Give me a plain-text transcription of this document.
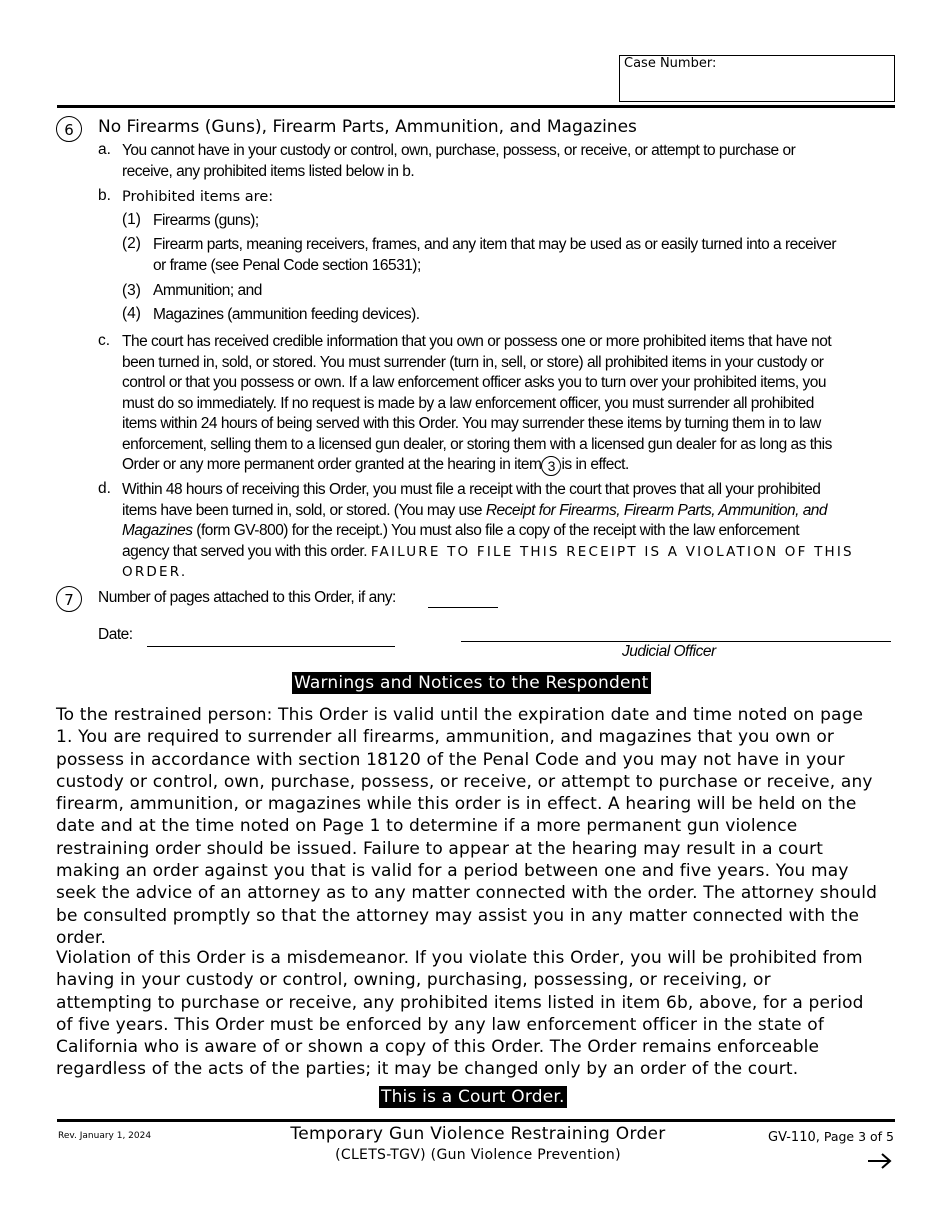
Case Number:
6	No Firearms (Guns), Firearm Parts, Ammunition, and Magazines
a. You cannot have in your custody or control, own, purchase, possess, or receive, or attempt to purchase or
receive, any prohibited items listed below in b.
b. Prohibited items are:
(1) Firearms (guns);
(2) Firearm parts, meaning receivers, frames, and any item that may be used as or easily turned into a receiver
or frame (see Penal Code section 16531);
(3) Ammunition; and
(4) Magazines (ammunition feeding devices).
c. The court has received credible information that you own or possess one or more prohibited items that have not
been turned in, sold, or stored. You must surrender (turn in, sell, or store) all prohibited items in your custody or
control or that you possess or own. If a law enforcement officer asks you to turn over your prohibited items, you
must do so immediately. If no request is made by a law enforcement officer, you must surrender all prohibited
items within 24 hours of being served with this Order. You may surrender these items by turning them in to law
enforcement, selling them to a licensed gun dealer, or storing them with a licensed gun dealer for as long as this
Order or any more permanent order granted at the hearing in item 3 is in effect.
d. Within 48 hours of receiving this Order, you must file a receipt with the court that proves that all your prohibited
items have been turned in, sold, or stored. (You may use Receipt for Firearms, Firearm Parts, Ammunition, and
Magazines (form GV-800) for the receipt.) You must also file a copy of the receipt with the law enforcement
agency that served you with this order. FAILURE TO FILE THIS RECEIPT IS A VIOLATION OF THIS
ORDER.
7	Number of pages attached to this Order, if any:
Date:
Judicial Officer
Warnings and Notices to the Respondent
To the restrained person: This Order is valid until the expiration date and time noted on page
1. You are required to surrender all firearms, ammunition, and magazines that you own or
possess in accordance with section 18120 of the Penal Code and you may not have in your
custody or control, own, purchase, possess, or receive, or attempt to purchase or receive, any
firearm, ammunition, or magazines while this order is in effect. A hearing will be held on the
date and at the time noted on Page 1 to determine if a more permanent gun violence
restraining order should be issued. Failure to appear at the hearing may result in a court
making an order against you that is valid for a period between one and five years. You may
seek the advice of an attorney as to any matter connected with the order. The attorney should
be consulted promptly so that the attorney may assist you in any matter connected with the
order.
Violation of this Order is a misdemeanor. If you violate this Order, you will be prohibited from
having in your custody or control, owning, purchasing, possessing, or receiving, or
attempting to purchase or receive, any prohibited items listed in item 6b, above, for a period
of five years. This Order must be enforced by any law enforcement officer in the state of
California who is aware of or shown a copy of this Order. The Order remains enforceable
regardless of the acts of the parties; it may be changed only by an order of the court.
This is a Court Order.
Rev. January 1, 2024	Temporary Gun Violence Restraining Order
(CLETS-TGV) (Gun Violence Prevention)
GV-110, Page 3 of 5
